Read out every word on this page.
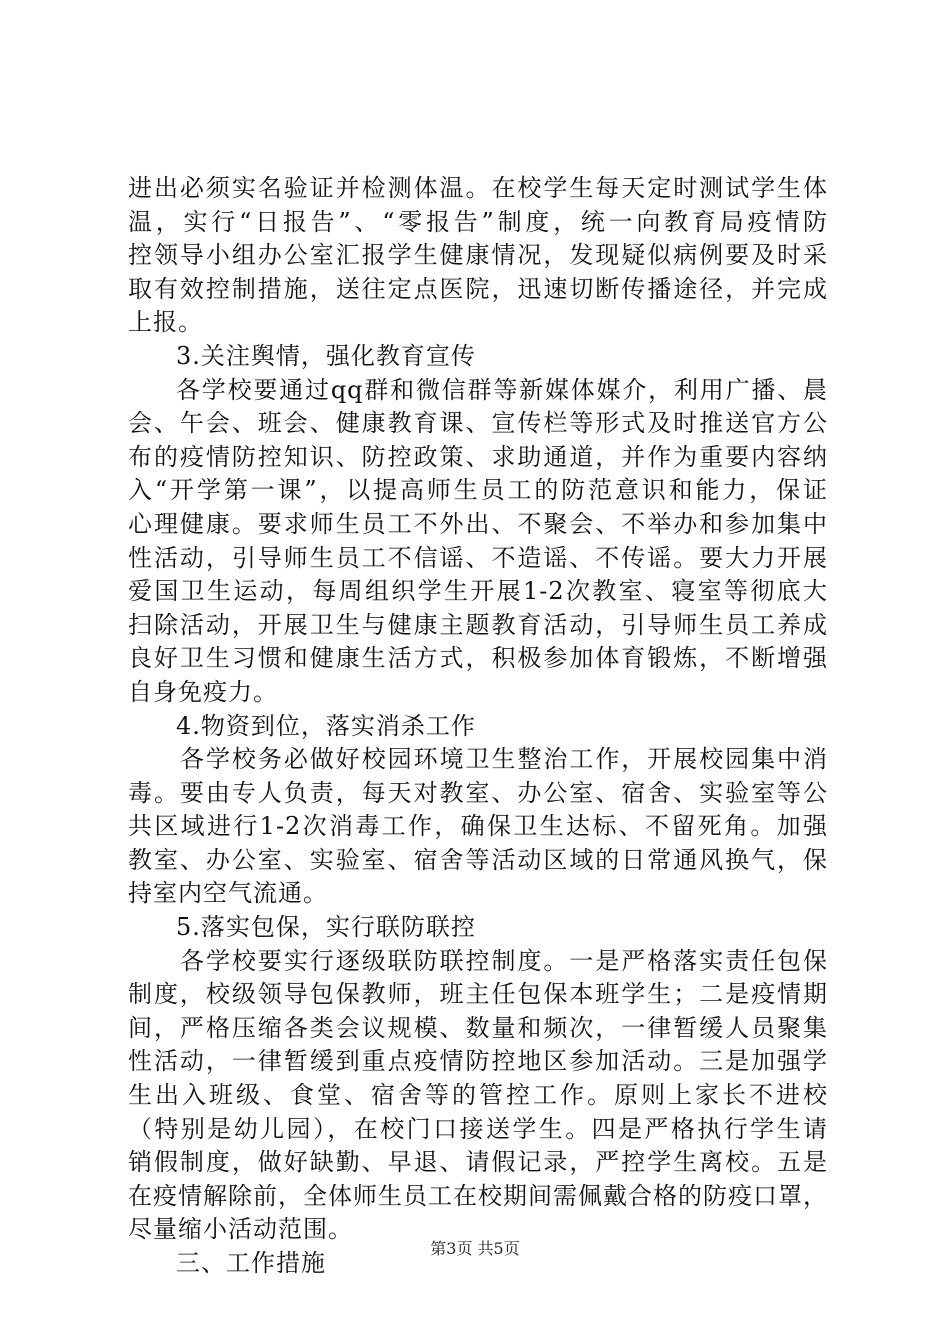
进出必须实名验证并检测体温。在校学生每天定时测试学生体
温，实行“日报告”、“零报告”制度，统一向教育局疫情防
控领导小组办公室汇报学生健康情况，发现疑似病例要及时采
取有效控制措施，送往定点医院，迅速切断传播途径，并完成
上报。
3.关注舆情，强化教育宣传
各学校要通过qq群和微信群等新媒体媒介，利用广播、晨
会、午会、班会、健康教育课、宣传栏等形式及时推送官方公
布的疫情防控知识、防控政策、求助通道，并作为重要内容纳
入“开学第一课”，以提高师生员工的防范意识和能力，保证
心理健康。要求师生员工不外出、不聚会、不举办和参加集中
性活动，引导师生员工不信谣、不造谣、不传谣。要大力开展
爱国卫生运动，每周组织学生开展1-2次教室、寝室等彻底大
扫除活动，开展卫生与健康主题教育活动，引导师生员工养成
良好卫生习惯和健康生活方式，积极参加体育锻炼，不断增强
自身免疫力。
4.物资到位，落实消杀工作
各学校务必做好校园环境卫生整治工作，开展校园集中消
毒。要由专人负责，每天对教室、办公室、宿舍、实验室等公
共区域进行1-2次消毒工作，确保卫生达标、不留死角。加强
教室、办公室、实验室、宿舍等活动区域的日常通风换气，保
持室内空气流通。
5.落实包保，实行联防联控
各学校要实行逐级联防联控制度。一是严格落实责任包保
制度，校级领导包保教师，班主任包保本班学生；二是疫情期
间，严格压缩各类会议规模、数量和频次，一律暂缓人员聚集
性活动，一律暂缓到重点疫情防控地区参加活动。三是加强学
生出入班级、食堂、宿舍等的管控工作。原则上家长不进校
（特别是幼儿园），在校门口接送学生。四是严格执行学生请
销假制度，做好缺勤、早退、请假记录，严控学生离校。五是
在疫情解除前，全体师生员工在校期间需佩戴合格的防疫口罩，
尽量缩小活动范围。
三、工作措施
第3页 共5页
